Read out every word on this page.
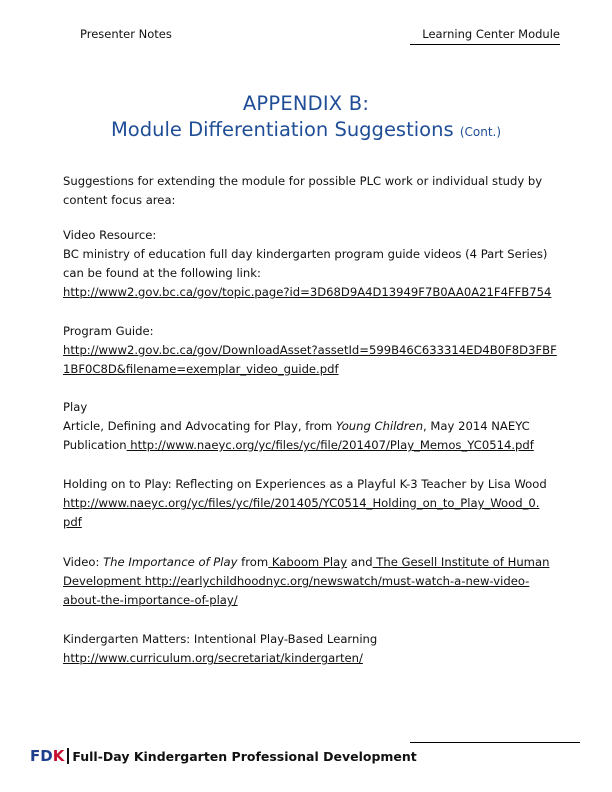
Presenter Notes	Learning Center Module
APPENDIX B:
Module Differentiation Suggestions (Cont.)
Suggestions for extending the module for possible PLC work or individual study by
content focus area:
Video Resource:
BC ministry of education full day kindergarten program guide videos (4 Part Series)
can be found at the following link:
http://www2.gov.bc.ca/gov/topic.page?id=3D68D9A4D13949F7B0AA0A21F4FFB754
Program Guide:
http://www2.gov.bc.ca/gov/DownloadAsset?assetId=599B46C633314ED4B0F8D3FBF
1BF0C8D&filename=exemplar_video_guide.pdf
Play
Article, Defining and Advocating for Play, from Young Children, May 2014 NAEYC
Publication http://www.naeyc.org/yc/files/yc/file/201407/Play_Memos_YC0514.pdf
Holding on to Play: Reflecting on Experiences as a Playful K-3 Teacher by Lisa Wood
http://www.naeyc.org/yc/files/yc/file/201405/YC0514_Holding_on_to_Play_Wood_0.
pdf
Video: The Importance of Play from Kaboom Play and The Gesell Institute of Human
Development http://earlychildhoodnyc.org/newswatch/must-watch-a-new-video-
about-the-importance-of-play/
Kindergarten Matters: Intentional Play-Based Learning
http://www.curriculum.org/secretariat/kindergarten/
FDK Full-Day Kindergarten Professional Development
